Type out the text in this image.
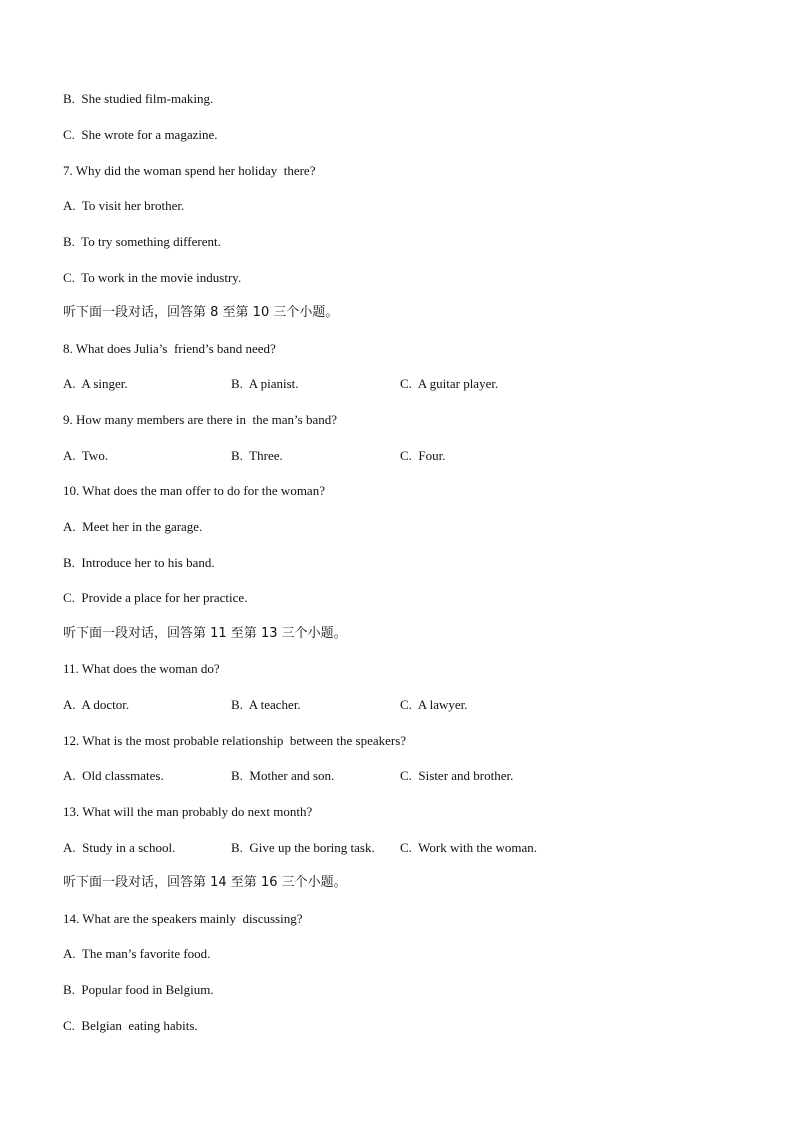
B.  She studied film-making.
C.  She wrote for a magazine.
7. Why did the woman spend her holiday  there?
A.  To visit her brother.
B.  To try something different.
C.  To work in the movie industry.
听下面一段对话，回答第 8 至第 10 三个小题。
8. What does Julia’s  friend’s band need?
A.  A singer.	B.  A pianist.	C.  A guitar player.
9. How many members are there in  the man’s band?
A.  Two.	B.  Three.	C.  Four.
10. What does the man offer to do for the woman?
A.  Meet her in the garage.
B.  Introduce her to his band.
C.  Provide a place for her practice.
听下面一段对话，回答第 11 至第 13 三个小题。
11. What does the woman do?
A.  A doctor.	B.  A teacher.	C.  A lawyer.
12. What is the most probable relationship  between the speakers?
A.  Old classmates.	B.  Mother and son.	C.  Sister and brother.
13. What will the man probably do next month?
A.  Study in a school.	B.  Give up the boring task. C.  Work with the woman.
听下面一段对话，回答第 14 至第 16 三个小题。
14. What are the speakers mainly  discussing?
A.  The man’s favorite food.
B.  Popular food in Belgium.
C.  Belgian  eating habits.
